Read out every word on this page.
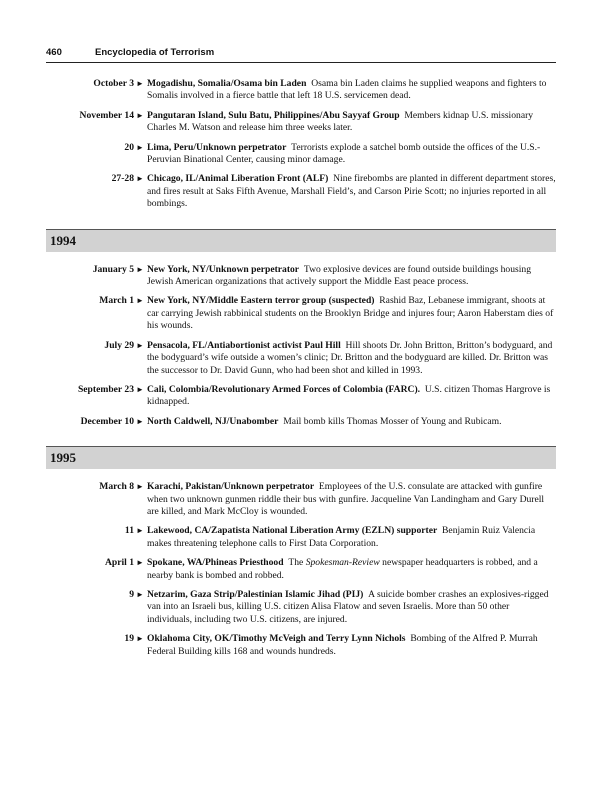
460	Encyclopedia of Terrorism
October 3 ► Mogadishu, Somalia/Osama bin Laden Osama bin Laden claims he supplied weapons and fighters to Somalis involved in a fierce battle that left 18 U.S. servicemen dead.
November 14 ► Pangutaran Island, Sulu Batu, Philippines/Abu Sayyaf Group Members kidnap U.S. missionary Charles M. Watson and release him three weeks later.
20 ► Lima, Peru/Unknown perpetrator Terrorists explode a satchel bomb outside the offices of the U.S.-Peruvian Binational Center, causing minor damage.
27-28 ► Chicago, IL/Animal Liberation Front (ALF) Nine firebombs are planted in different department stores, and fires result at Saks Fifth Avenue, Marshall Field’s, and Carson Pirie Scott; no injuries reported in all bombings.
1994
January 5 ► New York, NY/Unknown perpetrator Two explosive devices are found outside buildings housing Jewish American organizations that actively support the Middle East peace process.
March 1 ► New York, NY/Middle Eastern terror group (suspected) Rashid Baz, Lebanese immigrant, shoots at car carrying Jewish rabbinical students on the Brooklyn Bridge and injures four; Aaron Haberstam dies of his wounds.
July 29 ► Pensacola, FL/Antiabortionist activist Paul Hill Hill shoots Dr. John Britton, Britton’s bodyguard, and the bodyguard’s wife outside a women’s clinic; Dr. Britton and the bodyguard are killed. Dr. Britton was the successor to Dr. David Gunn, who had been shot and killed in 1993.
September 23 ► Cali, Colombia/Revolutionary Armed Forces of Colombia (FARC). U.S. citizen Thomas Hargrove is kidnapped.
December 10 ► North Caldwell, NJ/Unabomber Mail bomb kills Thomas Mosser of Young and Rubicam.
1995
March 8 ► Karachi, Pakistan/Unknown perpetrator Employees of the U.S. consulate are attacked with gunfire when two unknown gunmen riddle their bus with gunfire. Jacqueline Van Landingham and Gary Durell are killed, and Mark McCloy is wounded.
11 ► Lakewood, CA/Zapatista National Liberation Army (EZLN) supporter Benjamin Ruiz Valencia makes threatening telephone calls to First Data Corporation.
April 1 ► Spokane, WA/Phineas Priesthood The Spokesman-Review newspaper headquarters is robbed, and a nearby bank is bombed and robbed.
9 ► Netzarim, Gaza Strip/Palestinian Islamic Jihad (PIJ) A suicide bomber crashes an explosives-rigged van into an Israeli bus, killing U.S. citizen Alisa Flatow and seven Israelis. More than 50 other individuals, including two U.S. citizens, are injured.
19 ► Oklahoma City, OK/Timothy McVeigh and Terry Lynn Nichols Bombing of the Alfred P. Murrah Federal Building kills 168 and wounds hundreds.
